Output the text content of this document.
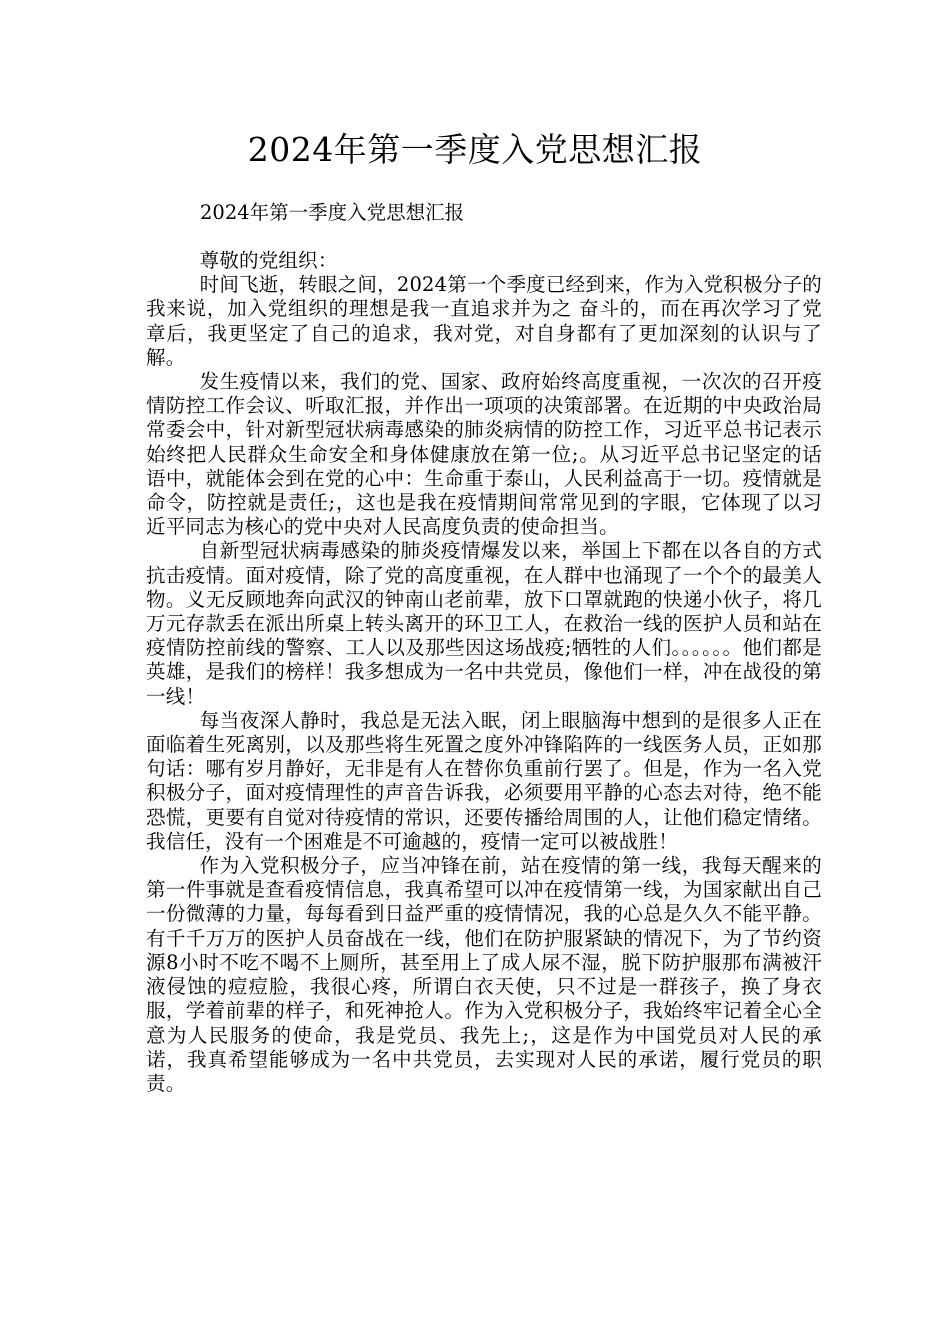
2024年第一季度入党思想汇报
2024年第一季度入党思想汇报

尊敬的党组织：

时间飞逝，转眼之间，2024第一个季度已经到来，作为入党积极分子的我来说，加入党组织的理想是我一直追求并为之 奋斗的，而在再次学习了党章后，我更坚定了自己的追求，我对党，对自身都有了更加深刻的认识与了 解。

发生疫情以来，我们的党、国家、政府始终高度重视，一次次的召开疫情防控工作会议、听取汇报，并作出一项项的决策部署。在近期的中央政治局常委会中，针对新型冠状病毒感染的肺炎病情的防控工作，习近平总书记表示始终把人民群众生命安全和身体健康放在第一位;。从习近平总书记坚定的话语中，就能体会到在党的心中：生命重于泰山，人民利益高于一切。疫情就是命令，防控就是责任;，这也是我在疫情期间常常见到的字眼，它体现了以习近平同志为核心的党中央对人民高度负责的使命担当。

自新型冠状病毒感染的肺炎疫情爆发以来，举国上下都在以各自的方式抗击疫情。面对疫情，除了党的高度重视，在人群中也涌现了一个个的最美人物。义无反顾地奔向武汉的钟南山老前辈，放下口罩就跑的快递小伙子，将几万元存款丢在派出所桌上转头离开的环卫工人，在救治一线的医护人员和站在疫情防控前线的警察、工人以及那些因这场战疫;牺牲的人们。。。。。。他们都是英雄，是我们的榜样！我多想成为一名中共党员，像他们一样，冲在战役的第一线！

每当夜深人静时，我总是无法入眠，闭上眼脑海中想到的是很多人正在面临着生死离别，以及那些将生死置之度外冲锋陷阵的一线医务人员，正如那句话：哪有岁月静好，无非是有人在替你负重前行罢了。但是，作为一名入党积极分子，面对疫情理性的声音告诉我，必须要用平静的心态去对待，绝不能恐慌，更要有自觉对待疫情的常识，还要传播给周围的人，让他们稳定情绪。我信任，没有一个困难是不可逾越的，疫情一定可以被战胜！

作为入党积极分子，应当冲锋在前，站在疫情的第一线，我每天醒来的第一件事就是查看疫情信息，我真希望可以冲在疫情第一线，为国家献出自己一份微薄的力量，每每看到日益严重的疫情情况，我的心总是久久不能平静。有千千万万的医护人员奋战在一线，他们在防护服紧缺的情况下，为了节约资源8小时不吃不喝不上厕所，甚至用上了成人尿不湿，脱下防护服那布满被汗液侵蚀的痘痘脸，我很心疼，所谓白衣天使，只不过是一群孩子，换了身衣服，学着前辈的样子，和死神抢人。作为入党积极分子，我始终牢记着全心全意为人民服务的使命，我是党员、我先上;，这是作为中国党员对人民的承诺，我真希望能够成为一名中共党员，去实现对人民的承诺，履行党员的职责。
